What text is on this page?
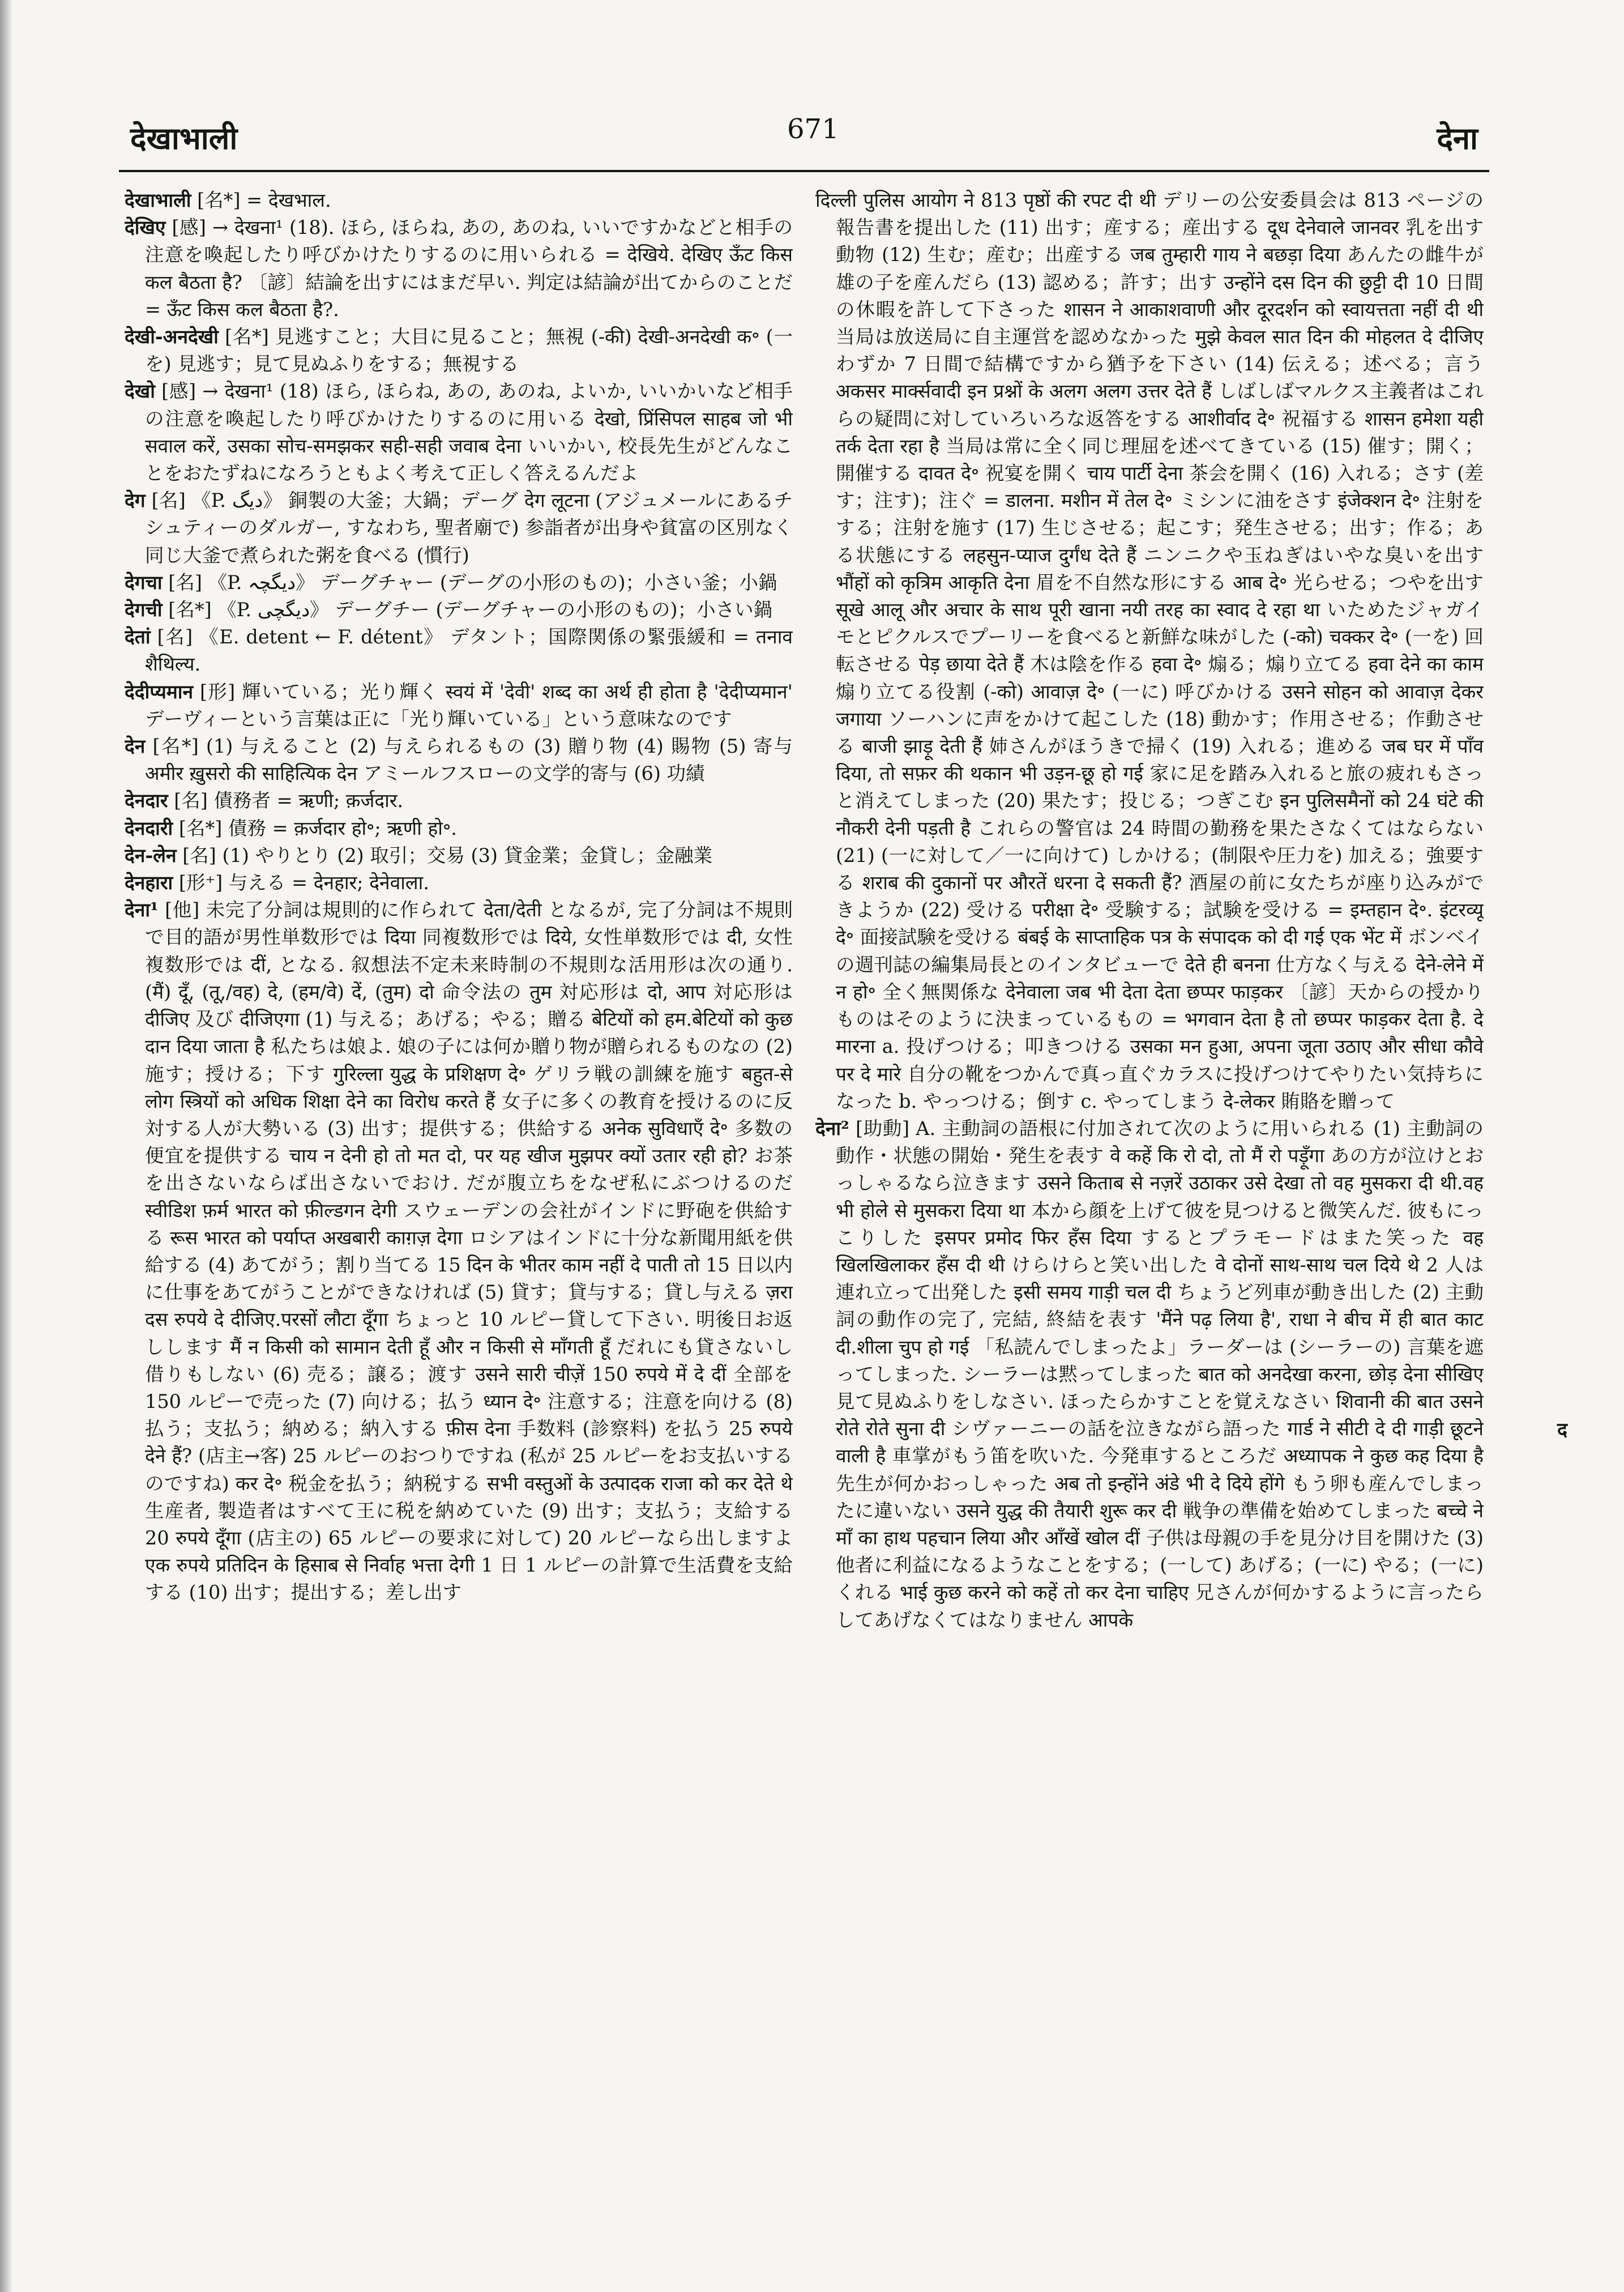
देखाभाली	671	देना

देखाभाली [名*] = देखभाल.

देखिए [感] → देखना¹ (18). ほら, ほらね, あの, あのね, いいですかなどと相手の注意を喚起したり呼びかけたりするのに用いられる = देखिये. देखिए ऊँट किस कल बैठता है? 〔諺〕結論を出すにはまだ早い. 判定は結論が出てからのことだ = ऊँट किस कल बैठता है?.

देखी-अनदेखी [名*] 見逃すこと；大目に見ること；無視 (-की) देखी-अनदेखी क॰ (一を) 見逃す；見て見ぬふりをする；無視する

देखो [感] → देखना¹ (18) ほら, ほらね, あの, あのね, よいか, いいかいなど相手の注意を喚起したり呼びかけたりするのに用いる देखो, प्रिंसिपल साहब जो भी सवाल करें, उसका सोच-समझकर सही-सही जवाब देना いいかい, 校長先生がどんなことをおたずねになろうともよく考えて正しく答えるんだよ

देग [名] 《P. دیگ》 銅製の大釜；大鍋；デーグ देग लूटना (アジュメールにあるチシュティーのダルガー, すなわち, 聖者廟で) 参詣者が出身や貧富の区別なく同じ大釜で煮られた粥を食べる (慣行)

देगचा [名] 《P. دیگچہ》 デーグチャー (デーグの小形のもの)；小さい釜；小鍋

देगची [名*] 《P. دیگچی》 デーグチー (デーグチャーの小形のもの)；小さい鍋

देतां [名] 《E. detent ← F. détent》 デタント；国際関係の緊張緩和 = तनाव शैथिल्य.

देदीप्यमान [形] 輝いている；光り輝く स्वयं में 'देवी' शब्द का अर्थ ही होता है 'देदीप्यमान' デーヴィーという言葉は正に「光り輝いている」という意味なのです

देन [名*] (1) 与えること (2) 与えられるもの (3) 贈り物 (4) 賜物 (5) 寄与 अमीर ख़ुसरो की साहित्यिक देन アミールフスローの文学的寄与 (6) 功績

देनदार [名] 債務者 = ऋणी; क़र्जदार.

देनदारी [名*] 債務 = क़र्जदार हो॰; ऋणी हो॰.

देन-लेन [名] (1) やりとり (2) 取引；交易 (3) 貸金業；金貸し；金融業

देनहारा [形⁺] 与える = देनहार; देनेवाला.

देना¹ [他] 未完了分詞は規則的に作られて देता/देती となるが, 完了分詞は不規則で目的語が男性単数形では दिया 同複数形では दिये, 女性単数形では दी, 女性複数形では दीं, となる. 叙想法不定未来時制の不規則な活用形は次の通り. (मैं) दूँ, (तू,/वह) दे, (हम/वे) दें, (तुम) दो 命令法の तुम 対応形は दो, आप 対応形は दीजिए 及び दीजिएगा (1) 与える；あげる；やる；贈る बेटियों को हम.बेटियों को कुछ दान दिया जाता है 私たちは娘よ. 娘の子には何か贈り物が贈られるものなの (2) 施す；授ける；下す गुरिल्ला युद्ध के प्रशिक्षण दे॰ ゲリラ戦の訓練を施す बहुत-से लोग स्त्रियों को अधिक शिक्षा देने का विरोध करते हैं 女子に多くの教育を授けるのに反対する人が大勢いる (3) 出す；提供する；供給する अनेक सुविधाएँ दे॰ 多数の便宜を提供する चाय न देनी हो तो मत दो, पर यह खीज मुझपर क्यों उतार रही हो? お茶を出さないならば出さないでおけ. だが腹立ちをなぜ私にぶつけるのだ स्वीडिश फ़र्म भारत को फ़ील्डगन देगी スウェーデンの会社がインドに野砲を供給する रूस भारत को पर्याप्त अखबारी काग़ज़ देगा ロシアはインドに十分な新聞用紙を供給する (4) あてがう；割り当てる 15 दिन के भीतर काम नहीं दे पाती तो 15 日以内に仕事をあてがうことができなければ (5) 貸す；貸与する；貸し与える ज़रा दस रुपये दे दीजिए.परसों लौटा दूँगा ちょっと 10 ルピー貸して下さい. 明後日お返しします मैं न किसी को सामान देती हूँ और न किसी से माँगती हूँ だれにも貸さないし借りもしない (6) 売る；譲る；渡す उसने सारी चीज़ें 150 रुपये में दे दीं 全部を 150 ルピーで売った (7) 向ける；払う ध्यान दे॰ 注意する；注意を向ける (8) 払う；支払う；納める；納入する फ़ीस देना 手数料 (診察料) を払う 25 रुपये देने हैं? (店主→客) 25 ルピーのおつりですね (私が 25 ルピーをお支払いするのですね) कर दे॰ 税金を払う；納税する सभी वस्तुओं के उत्पादक राजा को कर देते थे 生産者, 製造者はすべて王に税を納めていた (9) 出す；支払う；支給する 20 रुपये दूँगा (店主の) 65 ルピーの要求に対して) 20 ルピーなら出しますよ एक रुपये प्रतिदिन के हिसाब से निर्वाह भत्ता देगी 1 日 1 ルピーの計算で生活費を支給する (10) 出す；提出する；差し出す

दिल्ली पुलिस आयोग ने 813 पृष्ठों की रपट दी थी デリーの公安委員会は 813 ページの報告書を提出した (11) 出す；産する；産出する दूध देनेवाले जानवर 乳を出す動物 (12) 生む；産む；出産する जब तुम्हारी गाय ने बछड़ा दिया あんたの雌牛が雄の子を産んだら (13) 認める；許す；出す उन्होंने दस दिन की छुट्टी दी 10 日間の休暇を許して下さった शासन ने आकाशवाणी और दूरदर्शन को स्वायत्तता नहीं दी थी 当局は放送局に自主運営を認めなかった मुझे केवल सात दिन की मोहलत दे दीजिए わずか 7 日間で結構ですから猶予を下さい (14) 伝える；述べる；言う अकसर मार्क्सवादी इन प्रश्नों के अलग अलग उत्तर देते हैं しばしばマルクス主義者はこれらの疑問に対していろいろな返答をする आशीर्वाद दे॰ 祝福する शासन हमेशा यही तर्क देता रहा है 当局は常に全く同じ理屈を述べてきている (15) 催す；開く；開催する दावत दे॰ 祝宴を開く चाय पार्टी देना 茶会を開く (16) 入れる；さす (差す；注す)；注ぐ = डालना. मशीन में तेल दे॰ ミシンに油をさす इंजेक्शन दे॰ 注射をする；注射を施す (17) 生じさせる；起こす；発生させる；出す；作る；ある状態にする लहसुन-प्याज दुर्गंध देते हैं ニンニクや玉ねぎはいやな臭いを出す भौंहों को कृत्रिम आकृति देना 眉を不自然な形にする आब दे॰ 光らせる；つやを出す सूखे आलू और अचार के साथ पूरी खाना नयी तरह का स्वाद दे रहा था いためたジャガイモとピクルスでプーリーを食べると新鮮な味がした (-को) चक्कर दे॰ (一を) 回転させる पेड़ छाया देते हैं 木は陰を作る हवा दे॰ 煽る；煽り立てる हवा देने का काम 煽り立てる役割 (-को) आवाज़ दे॰ (一に) 呼びかける उसने सोहन को आवाज़ देकर जगाया ソーハンに声をかけて起こした (18) 動かす；作用させる；作動させる बाजी झाड़ू देती हैं 姉さんがほうきで掃く (19) 入れる；進める जब घर में पाँव दिया, तो सफ़र की थकान भी उड़न-छू हो गई 家に足を踏み入れると旅の疲れもさっと消えてしまった (20) 果たす；投じる；つぎこむ इन पुलिसमैनों को 24 घंटे की नौकरी देनी पड़ती है これらの警官は 24 時間の勤務を果たさなくてはならない (21) (一に対して／一に向けて) しかける；(制限や圧力を) 加える；強要する शराब की दुकानों पर औरतें धरना दे सकती हैं? 酒屋の前に女たちが座り込みができようか (22) 受ける परीक्षा दे॰ 受験する；試験を受ける = इम्तहान दे॰. इंटरव्यू दे॰ 面接試験を受ける बंबई के साप्ताहिक पत्र के संपादक को दी गई एक भेंट में ボンベイの週刊誌の編集局長とのインタビューで देते ही बनना 仕方なく与える देने-लेने में न हो॰ 全く無関係な देनेवाला जब भी देता देता छप्पर फाड़कर 〔諺〕天からの授かりものはそのように決まっているもの = भगवान देता है तो छप्पर फाड़कर देता है. दे मारना a. 投げつける；叩きつける उसका मन हुआ, अपना जूता उठाए और सीधा कौवे पर दे मारे 自分の靴をつかんで真っ直ぐカラスに投げつけてやりたい気持ちになった b. やっつける；倒す c. やってしまう दे-लेकर 賄賂を贈って

देना² [助動] A. 主動詞の語根に付加されて次のように用いられる (1) 主動詞の動作・状態の開始・発生を表す वे कहें कि रो दो, तो मैं रो पड़ूँगा あの方が泣けとおっしゃるなら泣きます उसने किताब से नज़रें उठाकर उसे देखा तो वह मुसकरा दी थी.वह भी होले से मुसकरा दिया था 本から顔を上げて彼を見つけると微笑んだ. 彼もにっこりした इसपर प्रमोद फिर हँस दिया するとプラモードはまた笑った वह खिलखिलाकर हँस दी थी けらけらと笑い出した वे दोनों साथ-साथ चल दिये थे 2 人は連れ立って出発した इसी समय गाड़ी चल दी ちょうど列車が動き出した (2) 主動詞の動作の完了, 完結, 終結を表す 'मैंने पढ़ लिया है', राधा ने बीच में ही बात काट दी.शीला चुप हो गई 「私読んでしまったよ」ラーダーは (シーラーの) 言葉を遮ってしまった. シーラーは黙ってしまった बात को अनदेखा करना, छोड़ देना सीखिए 見て見ぬふりをしなさい. ほったらかすことを覚えなさい शिवानी की बात उसने रोते रोते सुना दी シヴァーニーの話を泣きながら語った गार्ड ने सीटी दे दी गाड़ी छूटने वाली है 車掌がもう笛を吹いた. 今発車するところだ अध्यापक ने कुछ कह दिया है 先生が何かおっしゃった अब तो इन्होंने अंडे भी दे दिये होंगे もう卵も産んでしまったに違いない उसने युद्ध की तैयारी शुरू कर दी 戦争の準備を始めてしまった बच्चे ने माँ का हाथ पहचान लिया और आँखें खोल दीं 子供は母親の手を見分け目を開けた (3) 他者に利益になるようなことをする；(一して) あげる；(一に) やる；(一に) くれる भाई कुछ करने को कहें तो कर देना चाहिए 兄さんが何かするように言ったらしてあげなくてはなりません आपके

द
